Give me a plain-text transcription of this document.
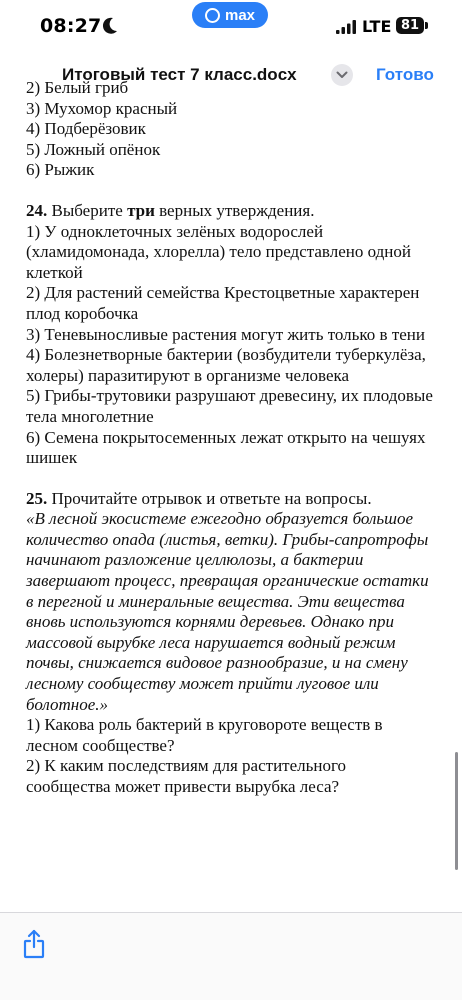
08:27	max
LTE 81
Итоговый тест 7 класс.docx	Готово

2) Белый гриб

3) Мухомор красный

4) Подберёзовик

5) Ложный опёнок

6) Рыжик

24. Выберите три верных утверждения.

1) У одноклеточных зелёных водорослей

(хламидомонада, хлорелла) тело представлено одной

клеткой

2) Для растений семейства Крестоцветные характерен

плод коробочка

3) Теневыносливые растения могут жить только в тени

4) Болезнетворные бактерии (возбудители туберкулёза,

холеры) паразитируют в организме человека

5) Грибы-трутовики разрушают древесину, их плодовые

тела многолетние

6) Семена покрытосеменных лежат открыто на чешуях

шишек

25. Прочитайте отрывок и ответьте на вопросы.

«В лесной экосистеме ежегодно образуется большое

количество опада (листья, ветки). Грибы-сапротрофы

начинают разложение целлюлозы, а бактерии

завершают процесс, превращая органические остатки

в перегной и минеральные вещества. Эти вещества

вновь используются корнями деревьев. Однако при

массовой вырубке леса нарушается водный режим

почвы, снижается видовое разнообразие, и на смену

лесному сообществу может прийти луговое или

болотное.»

1) Какова роль бактерий в круговороте веществ в

лесном сообществе?

2) К каким последствиям для растительного

сообщества может привести вырубка леса?
